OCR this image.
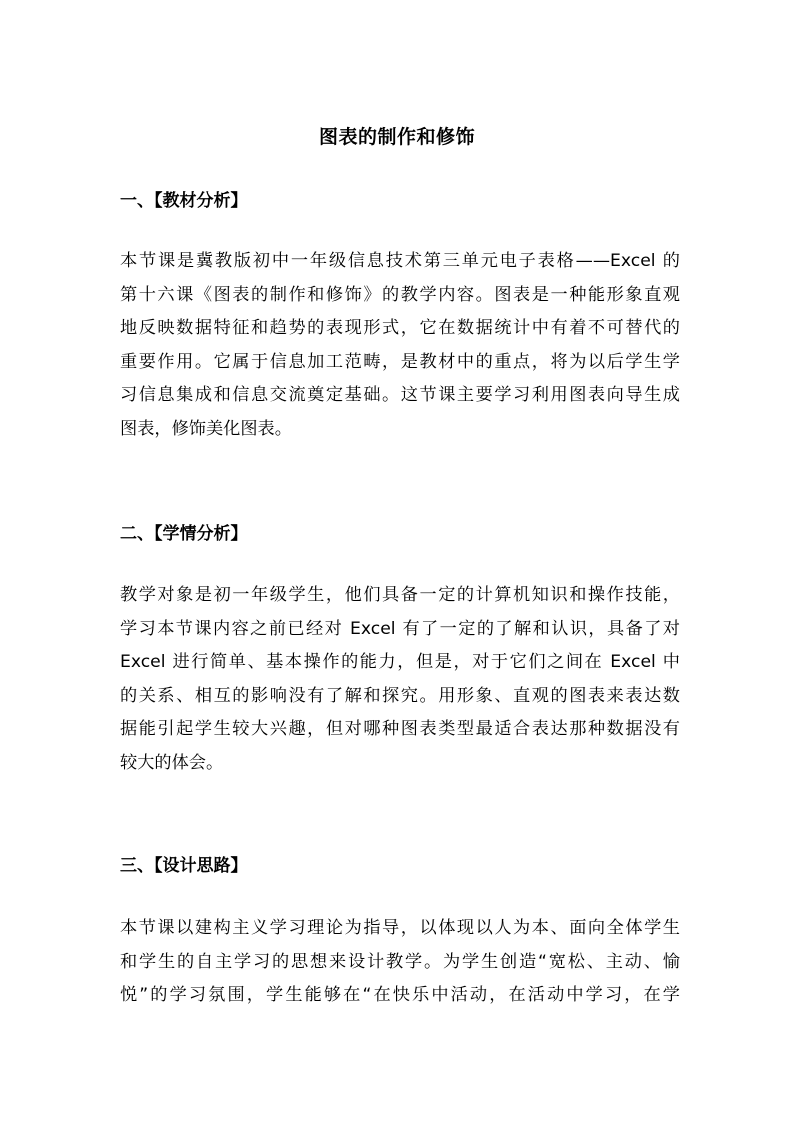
图表的制作和修饰
一、【教材分析】
本节课是冀教版初中一年级信息技术第三单元电子表格——Excel 的
第十六课《图表的制作和修饰》的教学内容。图表是一种能形象直观
地反映数据特征和趋势的表现形式，它在数据统计中有着不可替代的
重要作用。它属于信息加工范畴，是教材中的重点，将为以后学生学
习信息集成和信息交流奠定基础。这节课主要学习利用图表向导生成
图表，修饰美化图表。
二、【学情分析】
教学对象是初一年级学生，他们具备一定的计算机知识和操作技能，
学习本节课内容之前已经对 Excel 有了一定的了解和认识，具备了对
Excel 进行简单、基本操作的能力，但是，对于它们之间在 Excel 中
的关系、相互的影响没有了解和探究。用形象、直观的图表来表达数
据能引起学生较大兴趣，但对哪种图表类型最适合表达那种数据没有
较大的体会。
三、【设计思路】
本节课以建构主义学习理论为指导，以体现以人为本、面向全体学生
和学生的自主学习的思想来设计教学。为学生创造“宽松、主动、愉
悦”的学习氛围，学生能够在“在快乐中活动，在活动中学习，在学
